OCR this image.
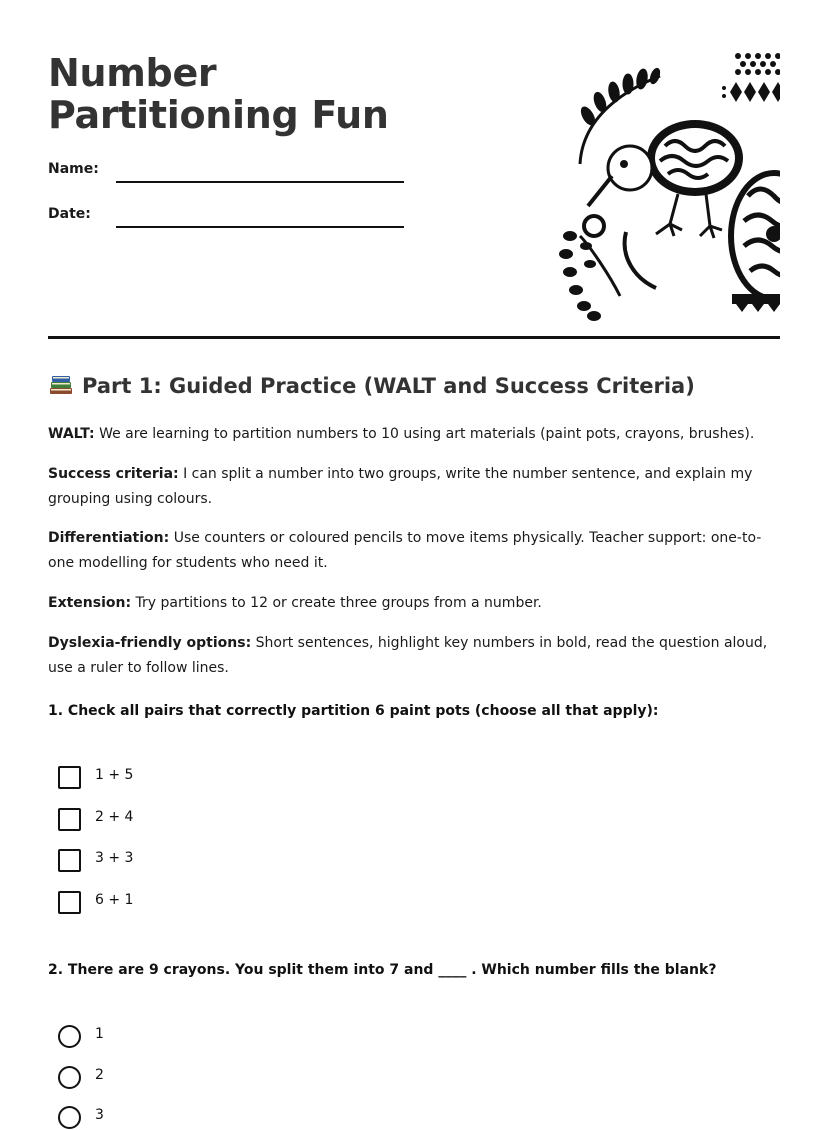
Number Partitioning Fun
Name:
Date:
Part 1: Guided Practice (WALT and Success Criteria)

WALT: We are learning to partition numbers to 10 using art materials (paint pots, crayons, brushes).

Success criteria: I can split a number into two groups, write the number sentence, and explain my grouping using colours.

Differentiation: Use counters or coloured pencils to move items physically. Teacher support: one-to-one modelling for students who need it.

Extension: Try partitions to 12 or create three groups from a number.

Dyslexia-friendly options: Short sentences, highlight key numbers in bold, read the question aloud, use a ruler to follow lines.

1. Check all pairs that correctly partition 6 paint pots (choose all that apply):
1 + 5
2 + 4
3 + 3
6 + 1
2. There are 9 crayons. You split them into 7 and ____ . Which number fills the blank?
1
2
3
